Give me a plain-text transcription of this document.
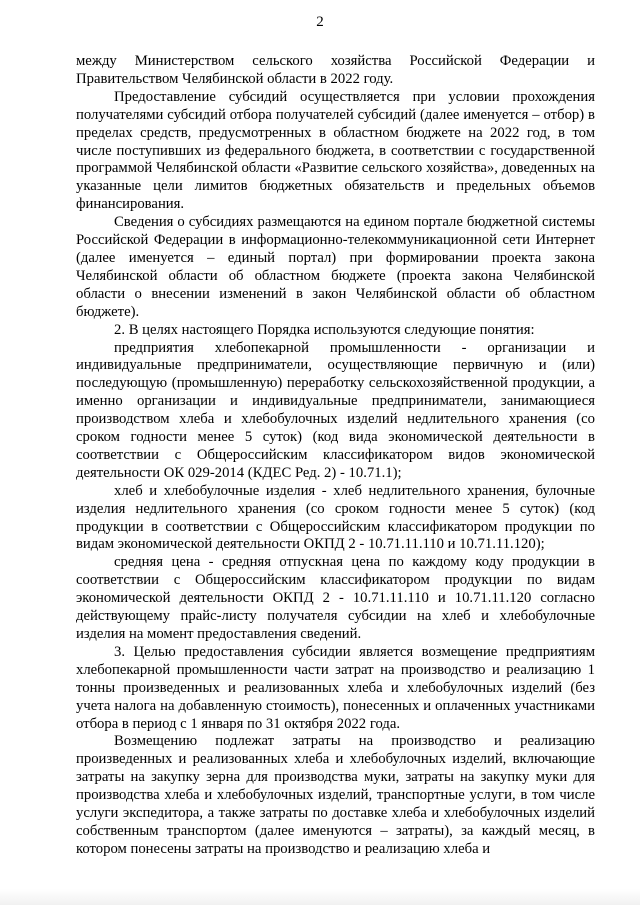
2

между Министерством сельского хозяйства Российской Федерации и Правительством Челябинской области в 2022 году.

Предоставление субсидий осуществляется при условии прохождения получателями субсидий отбора получателей субсидий (далее именуется – отбор) в пределах средств, предусмотренных в областном бюджете на 2022 год, в том числе поступивших из федерального бюджета, в соответствии с государственной программой Челябинской области «Развитие сельского хозяйства», доведенных на указанные цели лимитов бюджетных обязательств и предельных объемов финансирования.

Сведения о субсидиях размещаются на едином портале бюджетной системы Российской Федерации в информационно-телекоммуникационной сети Интернет (далее именуется – единый портал) при формировании проекта закона Челябинской области об областном бюджете (проекта закона Челябинской области о внесении изменений в закон Челябинской области об областном бюджете).

2. В целях настоящего Порядка используются следующие понятия:

предприятия хлебопекарной промышленности - организации и индивидуальные предприниматели, осуществляющие первичную и (или) последующую (промышленную) переработку сельскохозяйственной продукции, а именно организации и индивидуальные предприниматели, занимающиеся производством хлеба и хлебобулочных изделий недлительного хранения (со сроком годности менее 5 суток) (код вида экономической деятельности в соответствии с Общероссийским классификатором видов экономической деятельности ОК 029-2014 (КДЕС Ред. 2) - 10.71.1);

хлеб и хлебобулочные изделия - хлеб недлительного хранения, булочные изделия недлительного хранения (со сроком годности менее 5 суток) (код продукции в соответствии с Общероссийским классификатором продукции по видам экономической деятельности ОКПД 2 - 10.71.11.110 и 10.71.11.120);

средняя цена - средняя отпускная цена по каждому коду продукции в соответствии с Общероссийским классификатором продукции по видам экономической деятельности ОКПД 2 - 10.71.11.110 и 10.71.11.120 согласно действующему прайс-листу получателя субсидии на хлеб и хлебобулочные изделия на момент предоставления сведений.

3. Целью предоставления субсидии является возмещение предприятиям хлебопекарной промышленности части затрат на производство и реализацию 1 тонны произведенных и реализованных хлеба и хлебобулочных изделий (без учета налога на добавленную стоимость), понесенных и оплаченных участниками отбора в период с 1 января по 31 октября 2022 года.

Возмещению подлежат затраты на производство и реализацию произведенных и реализованных хлеба и хлебобулочных изделий, включающие затраты на закупку зерна для производства муки, затраты на закупку муки для производства хлеба и хлебобулочных изделий, транспортные услуги, в том числе услуги экспедитора, а также затраты по доставке хлеба и хлебобулочных изделий собственным транспортом (далее именуются – затраты), за каждый месяц, в котором понесены затраты на производство и реализацию хлеба и
